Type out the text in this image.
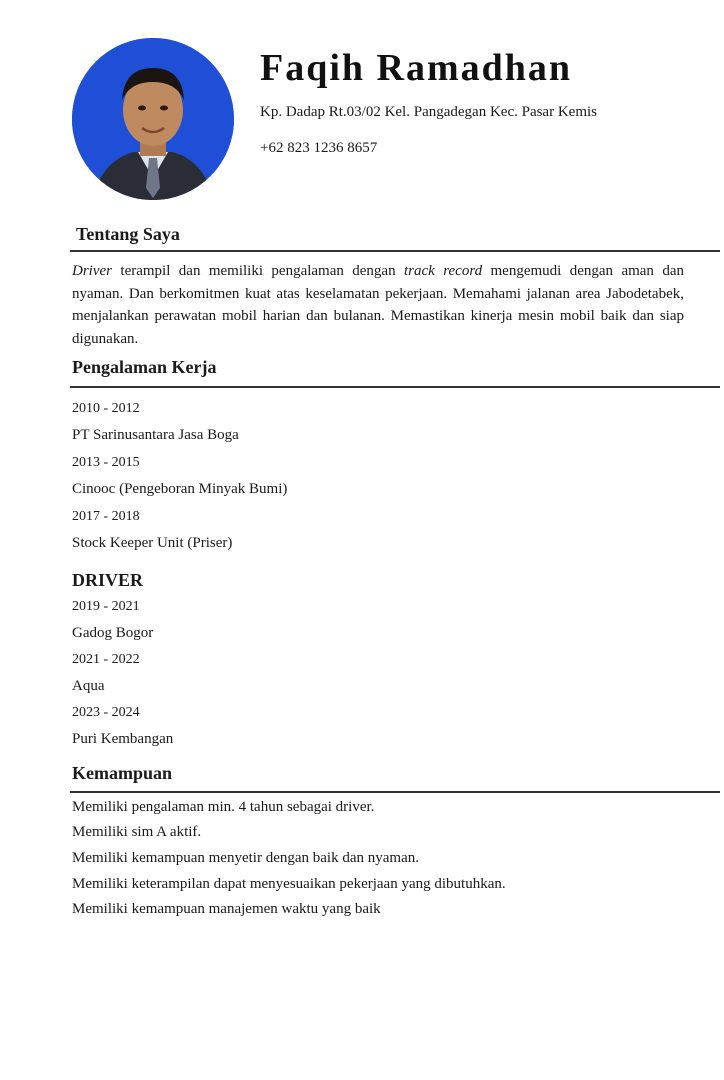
Faqih Ramadhan
Kp. Dadap Rt.03/02 Kel. Pangadegan Kec. Pasar Kemis
+62 823 1236 8657
Tentang Saya
Driver terampil dan memiliki pengalaman dengan track record mengemudi dengan aman dan nyaman. Dan berkomitmen kuat atas keselamatan pekerjaan. Memahami jalanan area Jabodetabek, menjalankan perawatan mobil harian dan bulanan. Memastikan kinerja mesin mobil baik dan siap digunakan.
Pengalaman Kerja
2010 - 2012
PT Sarinusantara Jasa Boga
2013 - 2015
Cinooc (Pengeboran Minyak Bumi)
2017 - 2018
Stock Keeper Unit (Priser)
DRIVER
2019 - 2021
Gadog Bogor
2021 - 2022
Aqua
2023 - 2024
Puri Kembangan
Kemampuan
Memiliki pengalaman min. 4 tahun sebagai driver.
Memiliki sim A aktif.
Memiliki kemampuan menyetir dengan baik dan nyaman.
Memiliki keterampilan dapat menyesuaikan pekerjaan yang dibutuhkan.
Memiliki kemampuan manajemen waktu yang baik
